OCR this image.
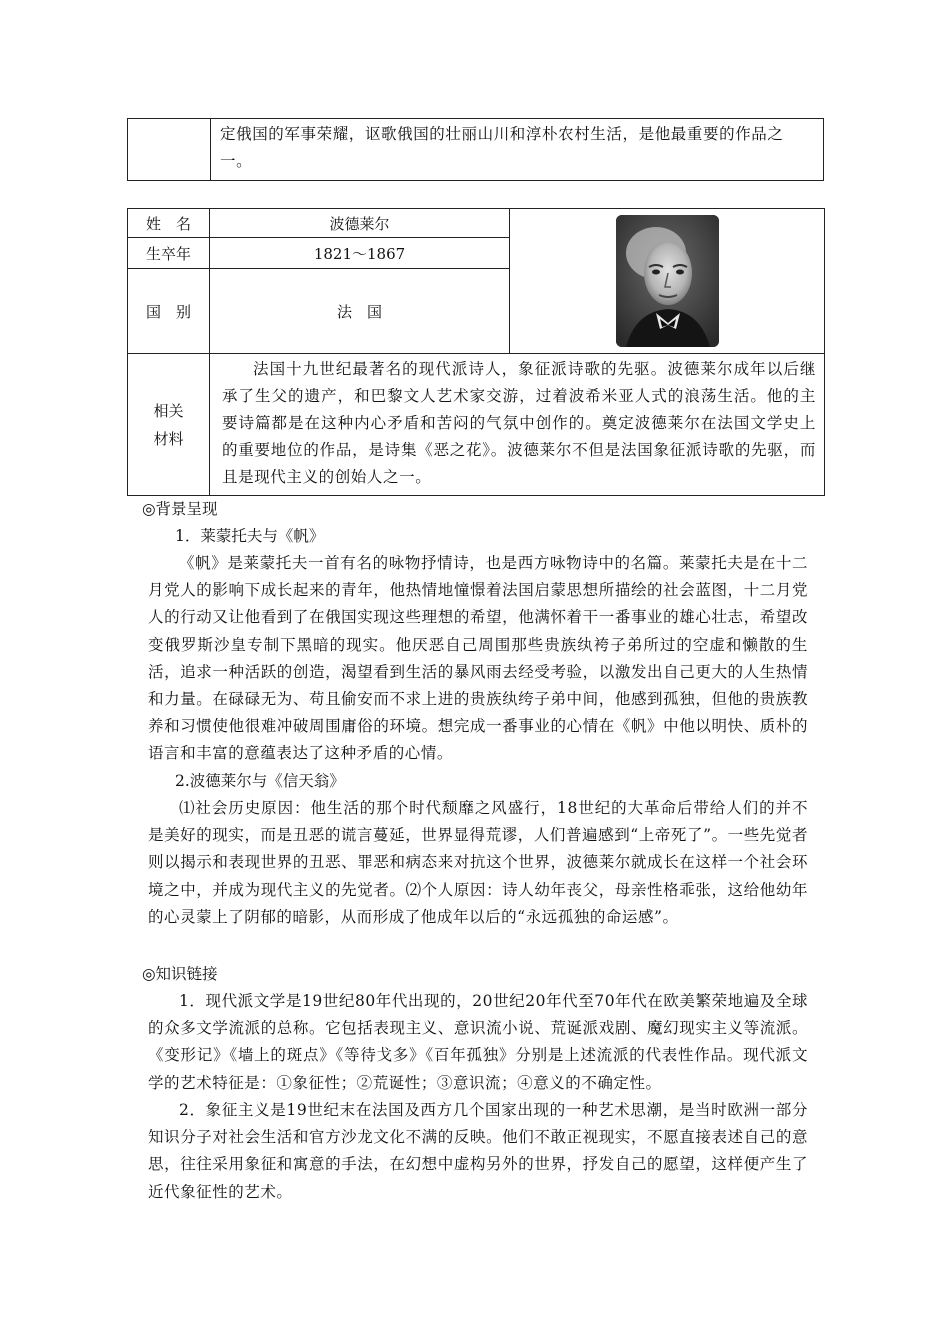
	定俄国的军事荣耀，讴歌俄国的壮丽山川和淳朴农村生活，是他最重要的作品之一。
姓　名	波德莱尔	

生卒年	1821～1867	
国　别	法　国	

相关
材料	法国十九世纪最著名的现代派诗人，象征派诗歌的先驱。波德莱尔成年以后继承了生父的遗产，和巴黎文人艺术家交游，过着波希米亚人式的浪荡生活。他的主要诗篇都是在这种内心矛盾和苦闷的气氛中创作的。奠定波德莱尔在法国文学史上的重要地位的作品，是诗集《恶之花》。波德莱尔不但是法国象征派诗歌的先驱，而且是现代主义的创始人之一。	
◎背景呈现
1．莱蒙托夫与《帆》

《帆》是莱蒙托夫一首有名的咏物抒情诗，也是西方咏物诗中的名篇。莱蒙托夫是在十二月党人的影响下成长起来的青年，他热情地憧憬着法国启蒙思想所描绘的社会蓝图，十二月党人的行动又让他看到了在俄国实现这些理想的希望，他满怀着干一番事业的雄心壮志，希望改变俄罗斯沙皇专制下黑暗的现实。他厌恶自己周围那些贵族纨袴子弟所过的空虚和懒散的生活，追求一种活跃的创造，渴望看到生活的暴风雨去经受考验，以激发出自己更大的人生热情和力量。在碌碌无为、苟且偷安而不求上进的贵族纨绔子弟中间，他感到孤独，但他的贵族教养和习惯使他很难冲破周围庸俗的环境。想完成一番事业的心情在《帆》中他以明快、质朴的语言和丰富的意蕴表达了这种矛盾的心情。

2.波德莱尔与《信天翁》

⑴社会历史原因：他生活的那个时代颓靡之风盛行，18世纪的大革命后带给人们的并不是美好的现实，而是丑恶的谎言蔓延，世界显得荒谬，人们普遍感到“上帝死了”。一些先觉者则以揭示和表现世界的丑恶、罪恶和病态来对抗这个世界，波德莱尔就成长在这样一个社会环境之中，并成为现代主义的先觉者。⑵个人原因：诗人幼年丧父，母亲性格乖张，这给他幼年的心灵蒙上了阴郁的暗影，从而形成了他成年以后的“永远孤独的命运感”。

◎知识链接

1．现代派文学是19世纪80年代出现的，20世纪20年代至70年代在欧美繁荣地遍及全球的众多文学流派的总称。它包括表现主义、意识流小说、荒诞派戏剧、魔幻现实主义等流派。《变形记》《墙上的斑点》《等待戈多》《百年孤独》分别是上述流派的代表性作品。现代派文学的艺术特征是：①象征性；②荒诞性；③意识流；④意义的不确定性。

2．象征主义是19世纪末在法国及西方几个国家出现的一种艺术思潮，是当时欧洲一部分知识分子对社会生活和官方沙龙文化不满的反映。他们不敢正视现实，不愿直接表述自己的意思，往往采用象征和寓意的手法，在幻想中虚构另外的世界，抒发自己的愿望，这样便产生了近代象征性的艺术。
